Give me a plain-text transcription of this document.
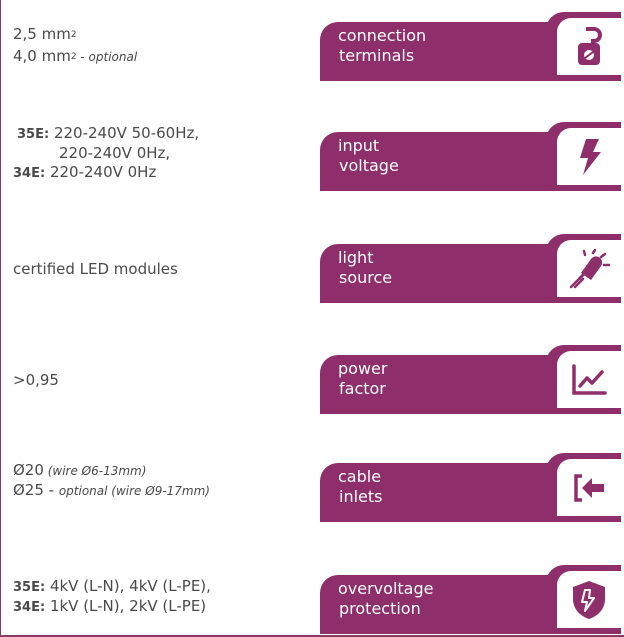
2,5 $mm^2$
4,0 $mm^2$ - optional
connection
terminals
35E: 220-240V 50-60Hz,
220-240V 0Hz,
34E: 220-240V 0Hz
input
voltage
certified LED modules
light
source
>0,95
power
factor
Ø20 (wire Ø6-13mm)
Ø25 - optional (wire Ø9-17mm)
cable
inlets
35E: 4kV (L-N), 4kV (L-PE),
34E: 1kV (L-N), 2kV (L-PE)
overvoltage
protection
